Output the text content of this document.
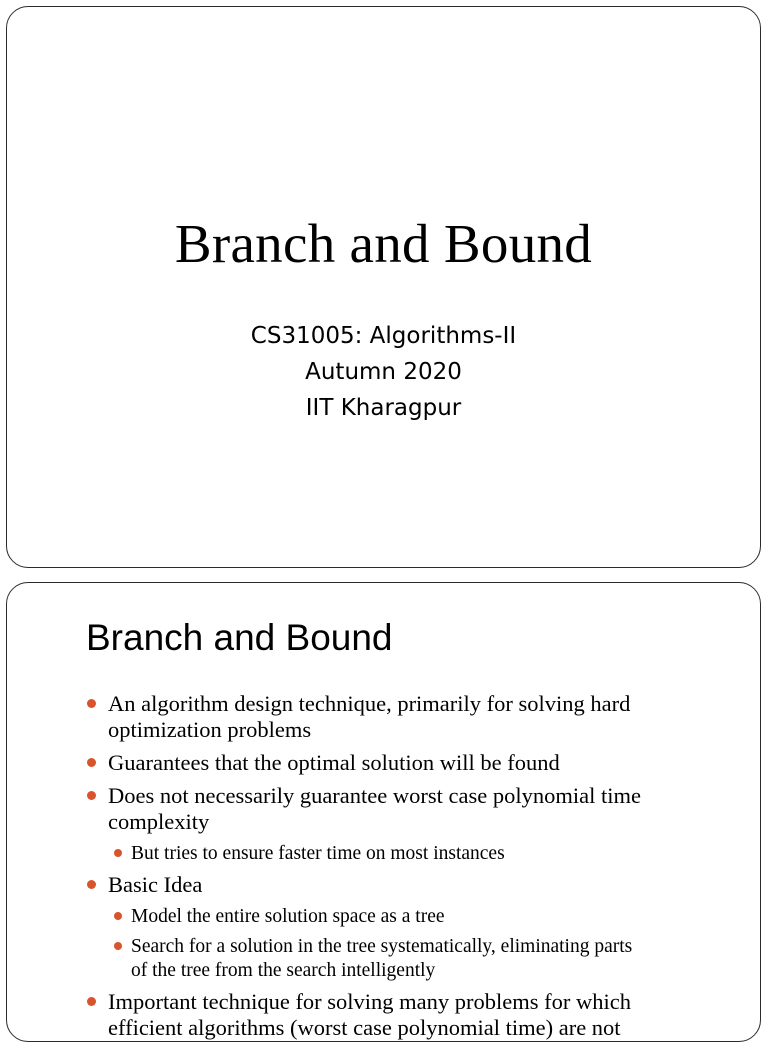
Branch and Bound
CS31005: Algorithms-II
Autumn 2020
IIT Kharagpur
Branch and Bound
An algorithm design technique, primarily for solving hard
optimization problems
Guarantees that the optimal solution will be found
Does not necessarily guarantee worst case polynomial time
complexity
But tries to ensure faster time on most instances
Basic Idea
Model the entire solution space as a tree
Search for a solution in the tree systematically, eliminating parts
of the tree from the search intelligently
Important technique for solving many problems for which
efficient algorithms (worst case polynomial time) are not
